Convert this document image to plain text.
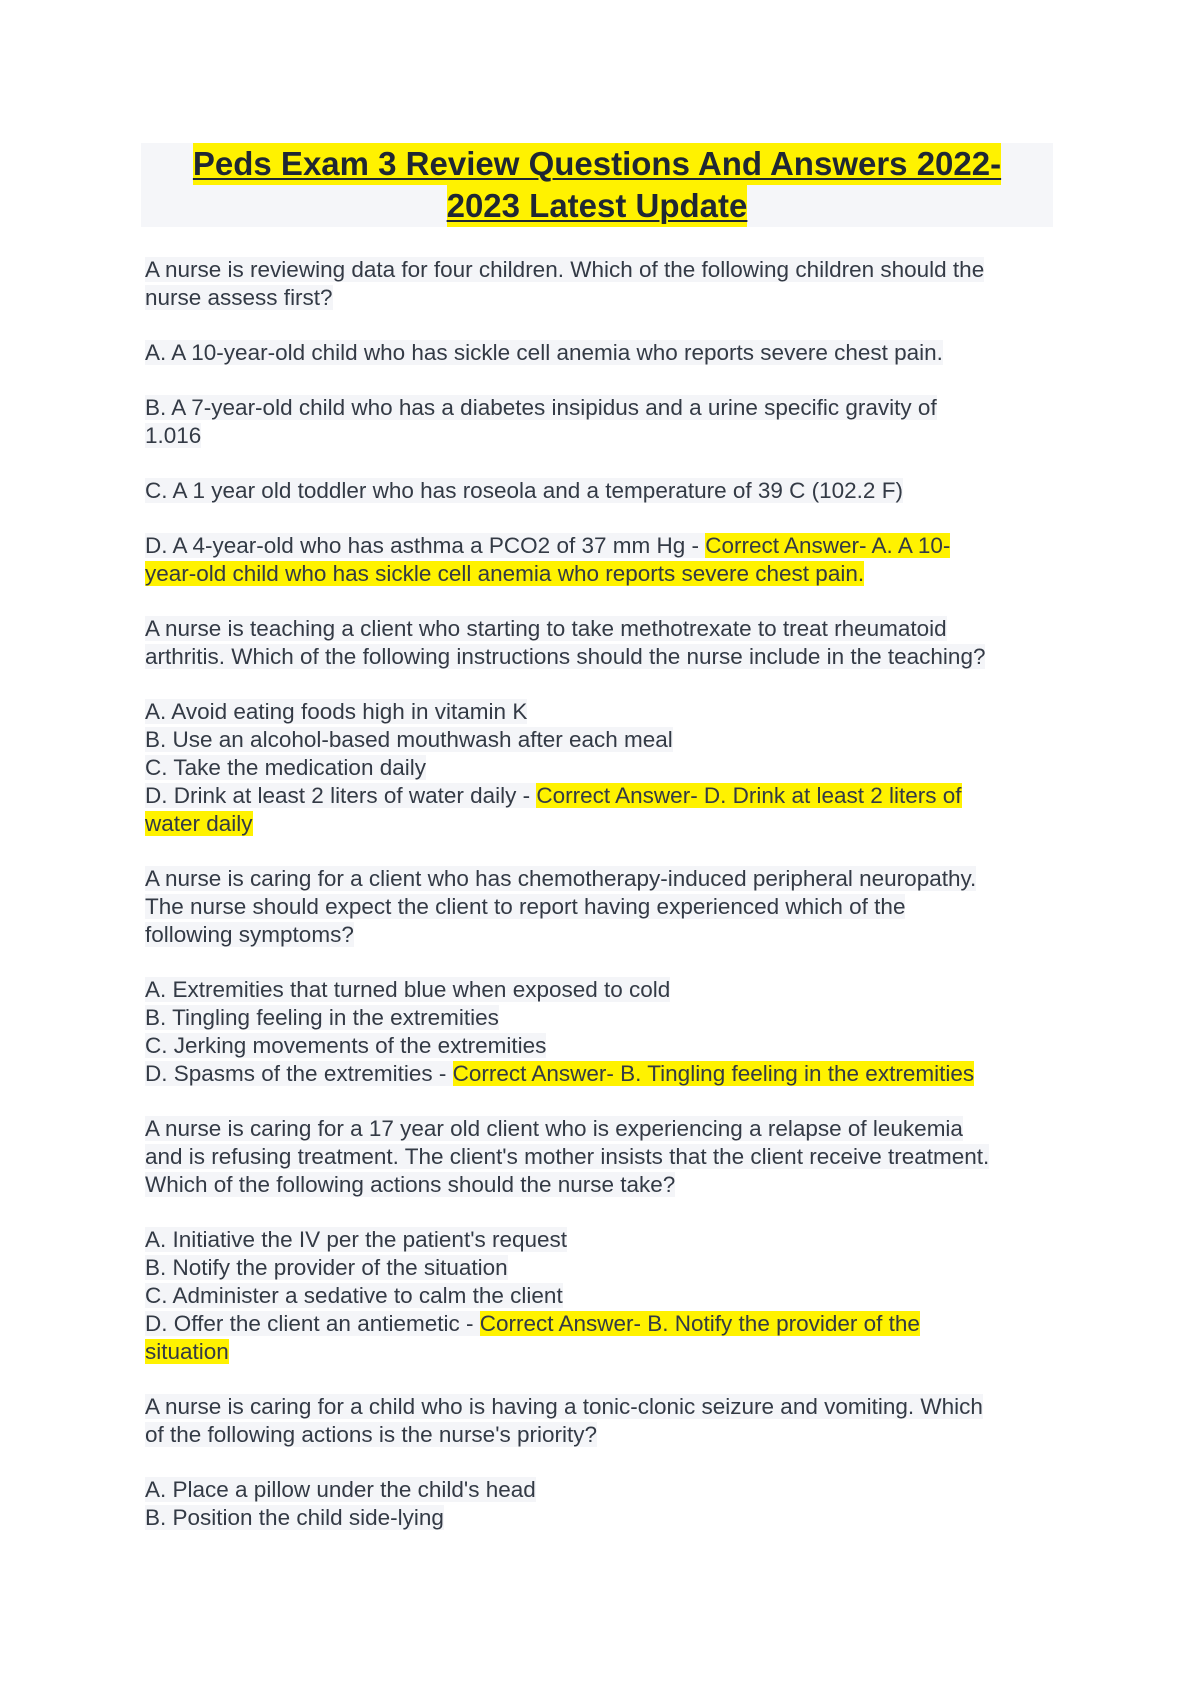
Peds Exam 3 Review Questions And Answers 2022-
2023 Latest Update
A nurse is reviewing data for four children. Which of the following children should the
nurse assess first?
A. A 10-year-old child who has sickle cell anemia who reports severe chest pain.
B. A 7-year-old child who has a diabetes insipidus and a urine specific gravity of
1.016
C. A 1 year old toddler who has roseola and a temperature of 39 C (102.2 F)
D. A 4-year-old who has asthma a PCO2 of 37 mm Hg - Correct Answer- A. A 10-
year-old child who has sickle cell anemia who reports severe chest pain.
A nurse is teaching a client who starting to take methotrexate to treat rheumatoid
arthritis. Which of the following instructions should the nurse include in the teaching?
A. Avoid eating foods high in vitamin K
B. Use an alcohol-based mouthwash after each meal
C. Take the medication daily
D. Drink at least 2 liters of water daily - Correct Answer- D. Drink at least 2 liters of
water daily
A nurse is caring for a client who has chemotherapy-induced peripheral neuropathy.
The nurse should expect the client to report having experienced which of the
following symptoms?
A. Extremities that turned blue when exposed to cold
B. Tingling feeling in the extremities
C. Jerking movements of the extremities
D. Spasms of the extremities - Correct Answer- B. Tingling feeling in the extremities
A nurse is caring for a 17 year old client who is experiencing a relapse of leukemia
and is refusing treatment. The client's mother insists that the client receive treatment.
Which of the following actions should the nurse take?
A. Initiative the IV per the patient's request
B. Notify the provider of the situation
C. Administer a sedative to calm the client
D. Offer the client an antiemetic - Correct Answer- B. Notify the provider of the
situation
A nurse is caring for a child who is having a tonic-clonic seizure and vomiting. Which
of the following actions is the nurse's priority?
A. Place a pillow under the child's head
B. Position the child side-lying
